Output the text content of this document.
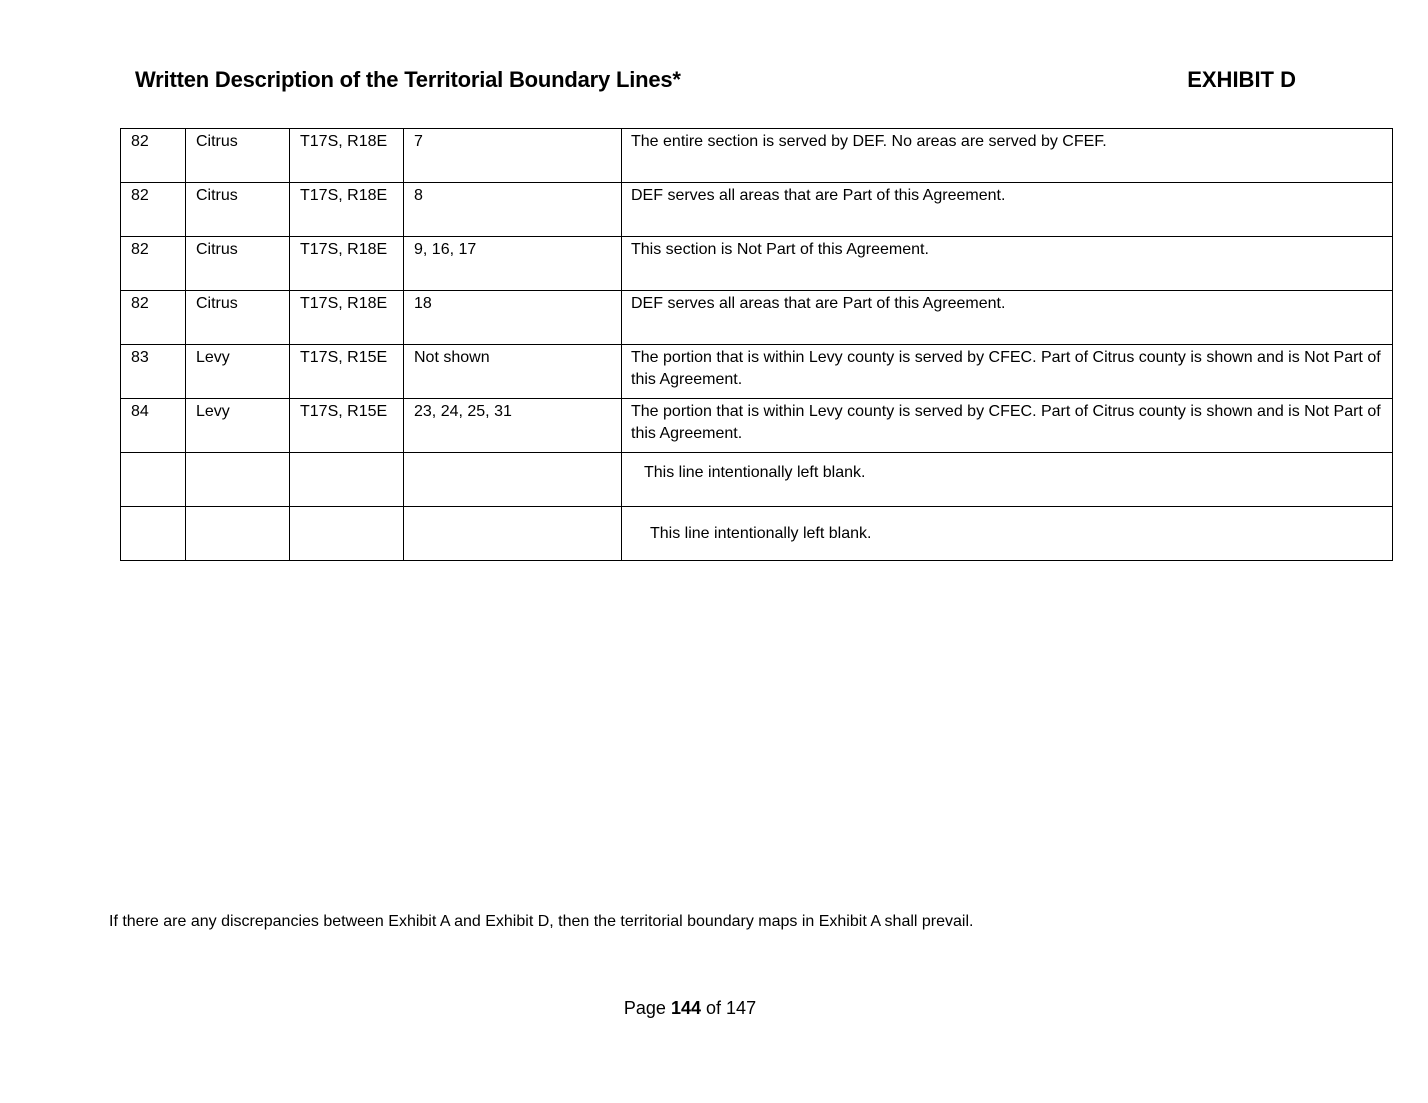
Written Description of the Territorial Boundary Lines*	EXHIBIT D
82	Citrus	T17S, R18E	7	The entire section is served by DEF. No areas are served by CFEF.
82	Citrus	T17S, R18E	8	DEF serves all areas that are Part of this Agreement.
82	Citrus	T17S, R18E	9, 16, 17	This section is Not Part of this Agreement.
82	Citrus	T17S, R18E	18	DEF serves all areas that are Part of this Agreement.
83	Levy	T17S, R15E	Not shown	The portion that is within Levy county is served by CFEC. Part of Citrus county is shown and is Not Part of this Agreement.
84	Levy	T17S, R15E	23, 24, 25, 31	The portion that is within Levy county is served by CFEC. Part of Citrus county is shown and is Not Part of this Agreement.
				This line intentionally left blank.
				This line intentionally left blank.
If there are any discrepancies between Exhibit A and Exhibit D, then the territorial boundary maps in Exhibit A shall prevail.
Page 144 of 147
